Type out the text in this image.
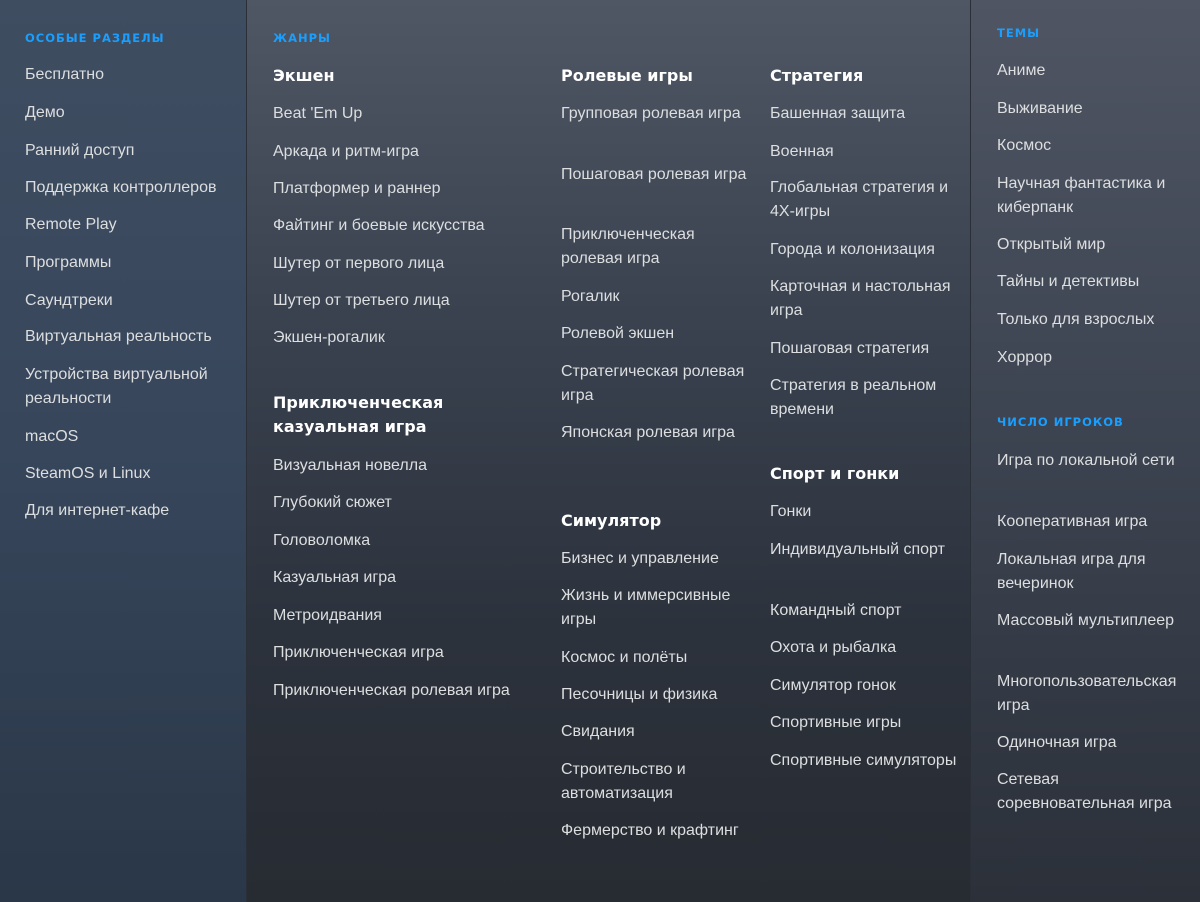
ОСОБЫЕ РАЗДЕЛЫ
Бесплатно
Демо
Ранний доступ
Поддержка контроллеров
Remote Play
Программы
Саундтреки
Виртуальная реальность
Устройства виртуальной реальности
macOS
SteamOS и Linux
Для интернет-кафе
ЖАНРЫ
Экшен
Beat 'Em Up
Аркада и ритм-игра
Платформер и раннер
Файтинг и боевые искусства
Шутер от первого лица
Шутер от третьего лица
Экшен-рогалик
Приключенческая казуальная игра
Визуальная новелла
Глубокий сюжет
Головоломка
Казуальная игра
Метроидвания
Приключенческая игра
Приключенческая ролевая игра
Ролевые игры
Групповая ролевая игра
Пошаговая ролевая игра
Приключенческая ролевая игра
Рогалик
Ролевой экшен
Стратегическая ролевая игра
Японская ролевая игра
Симулятор
Бизнес и управление
Жизнь и иммерсивные игры
Космос и полёты
Песочницы и физика
Свидания
Строительство и автоматизация
Фермерство и крафтинг
Стратегия
Башенная защита
Военная
Глобальная стратегия и 4X-игры
Города и колонизация
Карточная и настольная игра
Пошаговая стратегия
Стратегия в реальном времени
Спорт и гонки
Гонки
Индивидуальный спорт
Командный спорт
Охота и рыбалка
Симулятор гонок
Спортивные игры
Спортивные симуляторы
ТЕМЫ
Аниме
Выживание
Космос
Научная фантастика и киберпанк
Открытый мир
Тайны и детективы
Только для взрослых
Хоррор
ЧИСЛО ИГРОКОВ
Игра по локальной сети
Кооперативная игра
Локальная игра для вечеринок
Массовый мультиплеер
Многопользовательская игра
Одиночная игра
Сетевая соревновательная игра
